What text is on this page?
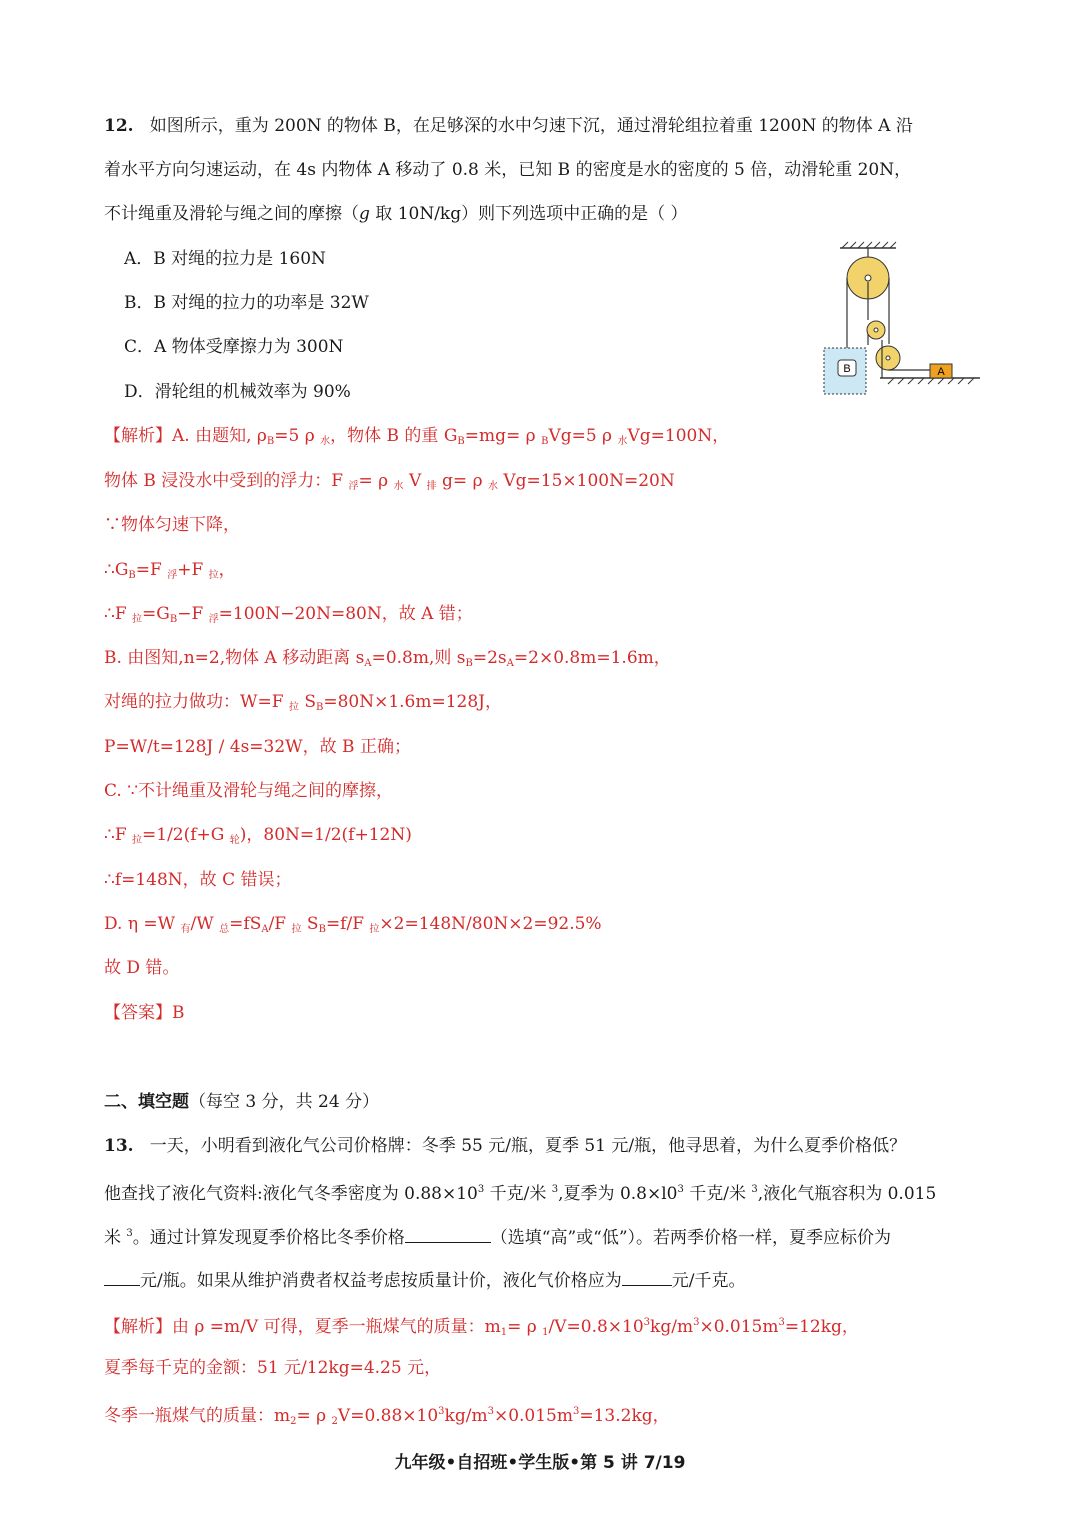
12. 如图所示，重为 200N 的物体 B，在足够深的水中匀速下沉，通过滑轮组拉着重 1200N 的物体 A 沿
着水平方向匀速运动，在 4s 内物体 A 移动了 0.8 米，已知 B 的密度是水的密度的 5 倍，动滑轮重 20N，
不计绳重及滑轮与绳之间的摩擦（g 取 10N/kg）则下列选项中正确的是（ ）
A．B 对绳的拉力是 160N
B．B 对绳的拉力的功率是 32W
C．A 物体受摩擦力为 300N
D．滑轮组的机械效率为 90%
B	A
【解析】A. 由题知, $\rho_B=5$ ρ $_水$，物体 B 的重 $G_B=mg= \rho$ $_B$Vg=5 ρ $_水$Vg=100N，
物体 B 浸没水中受到的浮力：F $_浮$= ρ $_水$ V $_排$ g= ρ $_水$ Vg=15×100N=20N
∵物体匀速下降，
$\therefore G_B=F$ $_浮$+F $_拉$，
∴F $_拉=G_B-F$ $_浮$=100N−20N=80N，故 A 错；
B. 由图知,n=2,物体 A 移动距离 $s_A=0.8m$,则 $s_B=2s_A=2\times 0.8m=1.6m$，
对绳的拉力做功：W=F $_拉$ $S_B=80N\times 1.6m=128J$，
P=W/t=128J / 4s=32W，故 B 正确；
C. ∵不计绳重及滑轮与绳之间的摩擦，
∴F $_拉$=1/2(f+G $_轮$)，80N=1/2(f+12N)
∴f=148N，故 C 错误；
D. η =W $_有$/W $_总=fS_A/F$ $_拉$ $S_B=f/F$ $_拉$×2=148N/80N×2=92.5%
故 D 错。
【答案】B
二、填空题（每空 3 分，共 24 分）
13. 一天，小明看到液化气公司价格牌：冬季 55 元/瓶，夏季 51 元/瓶，他寻思着，为什么夏季价格低？
他查找了液化气资料:液化气冬季密度为 $0.88\times 10^3$ 千克/米 $^3$,夏季为 $0.8\times l0^3$ 千克/米 $^3$,液化气瓶容积为 0.015
米 $^3$。通过计算发现夏季价格比冬季价格	（选填“高”或“低”）。若两季价格一样，夏季应标价为
元/瓶。如果从维护消费者权益考虑按质量计价，液化气价格应为	元/千克。
【解析】由 ρ =m/V 可得，夏季一瓶煤气的质量：$m_1= \rho$ $_1/V=0.8\times 10^3kg/m^3\times 0.015m^3=12kg$，
夏季每千克的金额：51 元/12kg=4.25 元，
冬季一瓶煤气的质量：$m_2= \rho$ $_2V=0.88\times 10^3kg/m^3\times 0.015m^3=13.2kg$，
九年级•自招班•学生版•第 5 讲 7/19
